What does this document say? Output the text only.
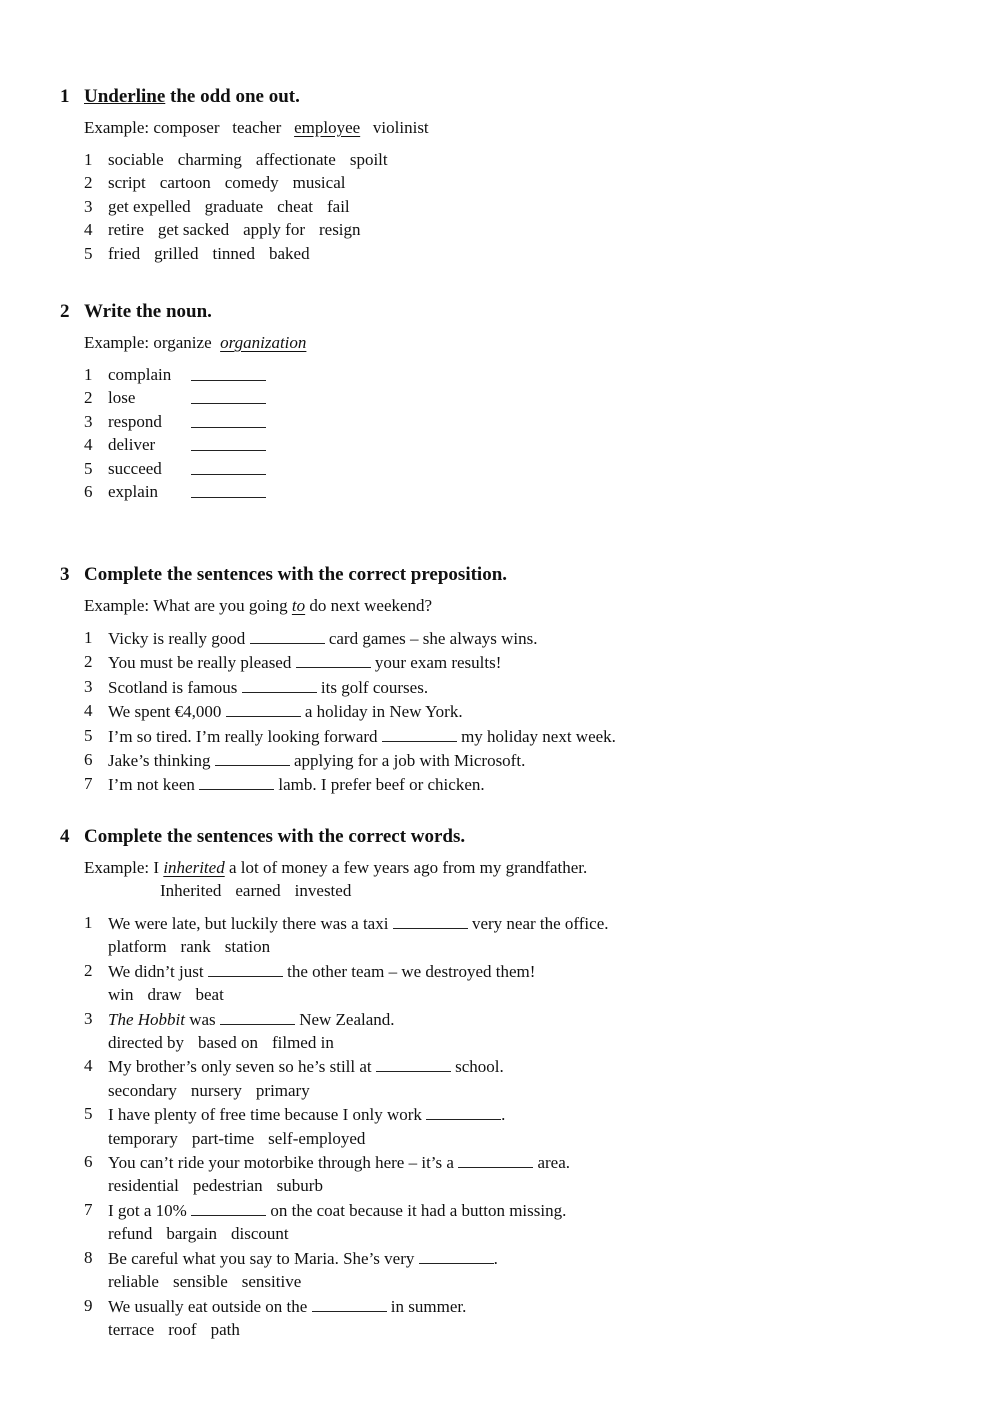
1 Underline the odd one out.
Example: composer teacher employee violinist
1 sociable charming affectionate spoilt
2 script cartoon comedy musical
3 get expelled graduate cheat fail
4 retire get sacked apply for resign
5 fried grilled tinned baked
2 Write the noun.
Example: organize organization
1 complain
2 lose
3 respond
4 deliver
5 succeed
6 explain
3 Complete the sentences with the correct preposition.
Example: What are you going to do next weekend?
1 Vicky is really good	card games – she always wins.
2 You must be really pleased	your exam results!
3 Scotland is famous	its golf courses.
4 We spent €4,000	a holiday in New York.
5 I’m so tired. I’m really looking forward	my holiday next week.
6 Jake’s thinking	applying for a job with Microsoft.
7 I’m not keen	lamb. I prefer beef or chicken.
4 Complete the sentences with the correct words.
Example: I inherited a lot of money a few years ago from my grandfather.
Inherited earned invested
1 We were late, but luckily there was a taxi	very near the office.
platform rank station
2 We didn’t just	the other team – we destroyed them!
win draw beat
3 The Hobbit was	New Zealand.
directed by based on filmed in
4 My brother’s only seven so he’s still at	school.
secondary nursery primary
5 I have plenty of free time because I only work	.
temporary part-time self-employed
6 You can’t ride your motorbike through here – it’s a	area.
residential pedestrian suburb
7 I got a 10%	on the coat because it had a button missing.
refund bargain discount
8 Be careful what you say to Maria. She’s very	.
reliable sensible sensitive
9 We usually eat outside on the	in summer.
terrace roof path
